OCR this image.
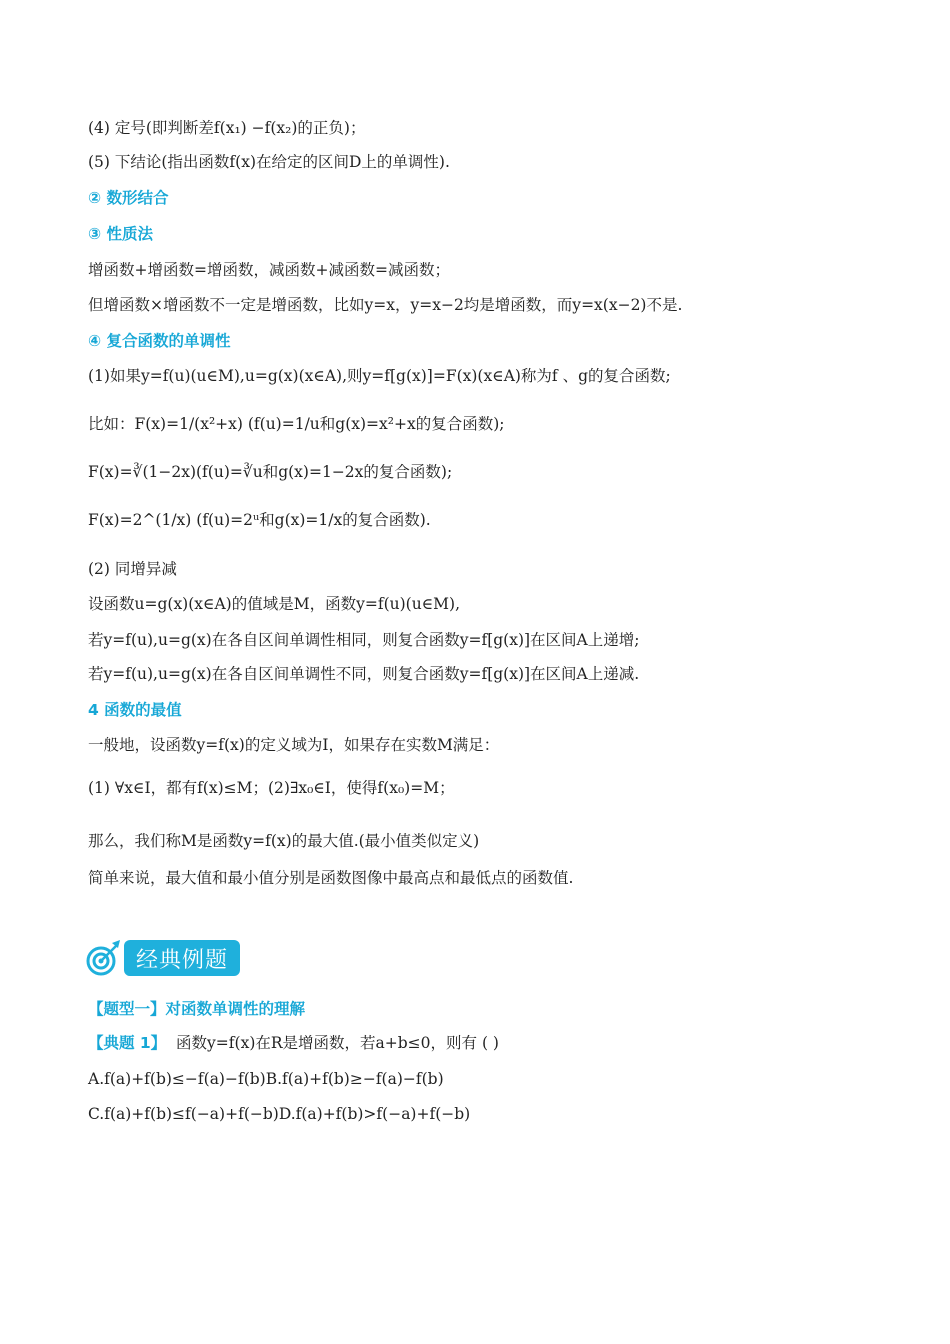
(4) 定号(即判断差f(x₁) −f(x₂)的正负)；
(5) 下结论(指出函数f(x)在给定的区间D上的单调性).
② 数形结合
③ 性质法
增函数+增函数=增函数，减函数+减函数=减函数；
但增函数×增函数不一定是增函数，比如y=x，y=x−2均是增函数，而y=x(x−2)不是.
④ 复合函数的单调性
(1)如果y=f(u)(u∈M),u=g(x)(x∈A),则y=f[g(x)]=F(x)(x∈A)称为f 、g的复合函数;
比如：F(x)=1/(x²+x) (f(u)=1/u和g(x)=x²+x的复合函数);
F(x)=∛(1−2x)(f(u)=∛u和g(x)=1−2x的复合函数);
F(x)=2^(1/x) (f(u)=2ᵘ和g(x)=1/x的复合函数).
(2) 同增异减
设函数u=g(x)(x∈A)的值域是M，函数y=f(u)(u∈M),
若y=f(u),u=g(x)在各自区间单调性相同，则复合函数y=f[g(x)]在区间A上递增;
若y=f(u),u=g(x)在各自区间单调性不同，则复合函数y=f[g(x)]在区间A上递减.
4 函数的最值
一般地，设函数y=f(x)的定义域为I，如果存在实数M满足：
(1) ∀x∈I，都有f(x)≤M；(2)∃x₀∈I，使得f(x₀)=M；
那么，我们称M是函数y=f(x)的最大值.(最小值类似定义)
简单来说，最大值和最小值分别是函数图像中最高点和最低点的函数值.
经典例题
【题型一】对函数单调性的理解
【典题 1】 函数y=f(x)在R是增函数，若a+b≤0，则有 ( )
A.f(a)+f(b)≤−f(a)−f(b)B.f(a)+f(b)≥−f(a)−f(b)
C.f(a)+f(b)≤f(−a)+f(−b)D.f(a)+f(b)>f(−a)+f(−b)
